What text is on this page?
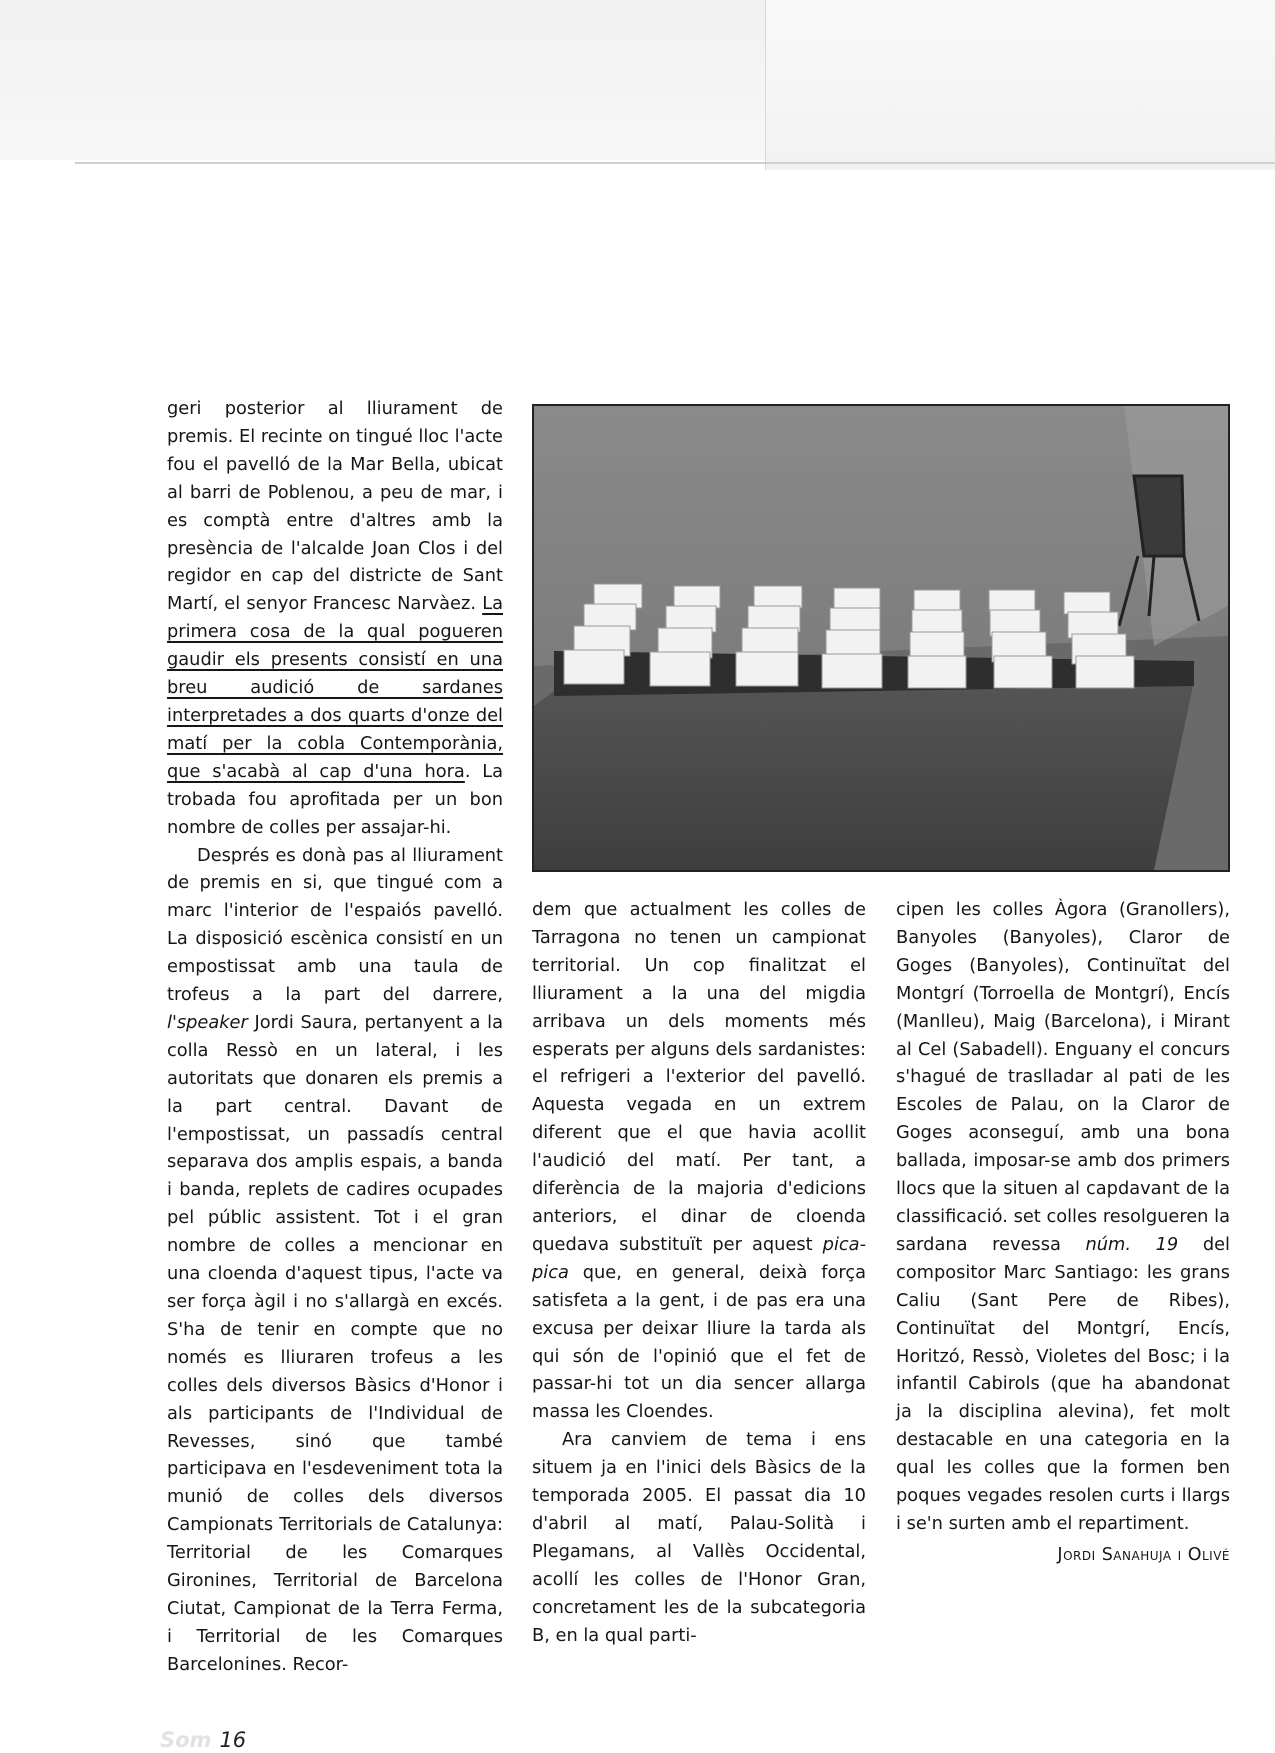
geri posterior al lliurament de premis. El recinte on tingué lloc l'acte fou el pavelló de la Mar Bella, ubicat al barri de Poblenou, a peu de mar, i es comptà entre d'altres amb la presència de l'alcalde Joan Clos i del regidor en cap del districte de Sant Martí, el senyor Francesc Narvàez. La primera cosa de la qual pogueren gaudir els presents consistí en una breu audició de sardanes interpretades a dos quarts d'onze del matí per la cobla Contemporània, que s'acabà al cap d'una hora. La trobada fou aprofitada per un bon nombre de colles per assajar-hi.

Després es donà pas al lliurament de premis en si, que tingué com a marc l'interior de l'espaiós pavelló. La disposició escènica consistí en un empostissat amb una taula de trofeus a la part del darrere, l'speaker Jordi Saura, pertanyent a la colla Ressò en un lateral, i les autoritats que donaren els premis a la part central. Davant de l'empostissat, un passadís central separava dos amplis espais, a banda i banda, replets de cadires ocupades pel públic assistent. Tot i el gran nombre de colles a mencionar en una cloenda d'aquest tipus, l'acte va ser força àgil i no s'allargà en excés. S'ha de tenir en compte que no només es lliuraren trofeus a les colles dels diversos Bàsics d'Honor i als participants de l'Individual de Revesses, sinó que també participava en l'esdeveniment tota la munió de colles dels diversos Campionats Territorials de Catalunya: Territorial de les Comarques Gironines, Territorial de Barcelona Ciutat, Campionat de la Terra Ferma, i Territorial de les Comarques Barcelonines. Recor-

dem que actualment les colles de Tarragona no tenen un campionat territorial. Un cop finalitzat el lliurament a la una del migdia arribava un dels moments més esperats per alguns dels sardanistes: el refrigeri a l'exterior del pavelló. Aquesta vegada en un extrem diferent que el que havia acollit l'audició del matí. Per tant, a diferència de la majoria d'edicions anteriors, el dinar de cloenda quedava substituït per aquest pica-pica que, en general, deixà força satisfeta a la gent, i de pas era una excusa per deixar lliure la tarda als qui són de l'opinió que el fet de passar-hi tot un dia sencer allarga massa les Cloendes.

Ara canviem de tema i ens situem ja en l'inici dels Bàsics de la temporada 2005. El passat dia 10 d'abril al matí, Palau-Solità i Plegamans, al Vallès Occidental, acollí les colles de l'Honor Gran, concretament les de la subcategoria B, en la qual parti-

cipen les colles Àgora (Granollers), Banyoles (Banyoles), Claror de Goges (Banyoles), Continuïtat del Montgrí (Torroella de Montgrí), Encís (Manlleu), Maig (Barcelona), i Mirant al Cel (Sabadell). Enguany el concurs s'hagué de traslladar al pati de les Escoles de Palau, on la Claror de Goges aconseguí, amb una bona ballada, imposar-se amb dos primers llocs que la situen al capdavant de la classificació. set colles resolgueren la sardana revessa núm. 19 del compositor Marc Santiago: les grans Caliu (Sant Pere de Ribes), Continuïtat del Montgrí, Encís, Horitzó, Ressò, Violetes del Bosc; i la infantil Cabirols (que ha abandonat ja la disciplina alevina), fet molt destacable en una categoria en la qual les colles que la formen ben poques vegades resolen curts i llargs i se'n surten amb el repartiment.

Jordi Sanahuja i Olivé
Som 16
